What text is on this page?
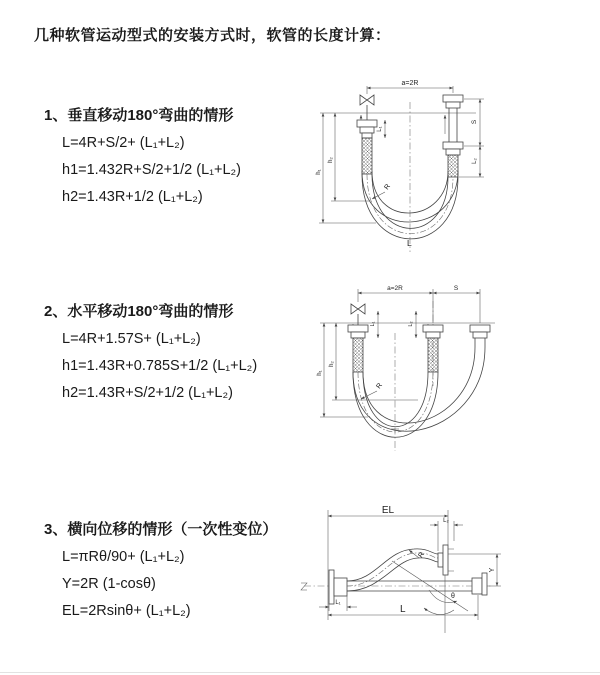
几种软管运动型式的安装方式时，软管的长度计算：
1、垂直移动180°弯曲的情形
L=4R+S/2+ (L₁+L₂)
h1=1.432R+S/2+1/2 (L₁+L₂)
h2=1.43R+1/2 (L₁+L₂)
2、水平移动180°弯曲的情形
L=4R+1.57S+ (L₁+L₂)
h1=1.43R+0.785S+1/2 (L₁+L₂)
h2=1.43R+S/2+1/2 (L₁+L₂)
3、横向位移的情形（一次性变位）
L=πRθ/90+ (L₁+L₂)
Y=2R (1-cosθ)
EL=2Rsinθ+ (L₁+L₂)
a=2R
L₁
S
L₂
h₁
h₂
R
L
a=2R	S
L₁	L₂
h₁
h₂
R
EL
L₂
R
θ
Y
L
L₁
